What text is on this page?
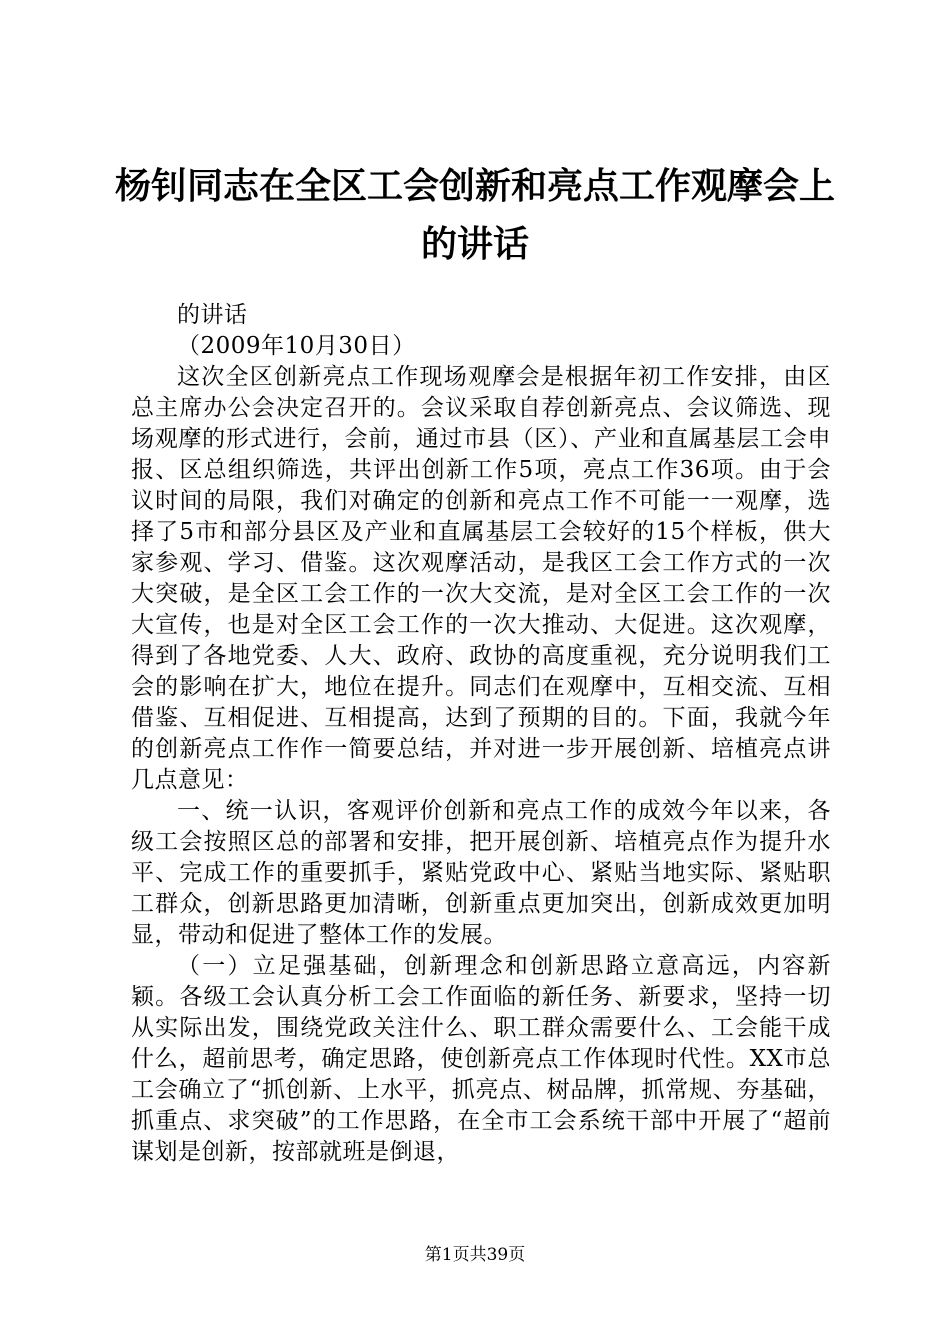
杨钊同志在全区工会创新和亮点工作观摩会上的讲话

的讲话

（2009年10月30日）

这次全区创新亮点工作现场观摩会是根据年初工作安排，由区总主席办公会决定召开的。会议采取自荐创新亮点、会议筛选、现场观摩的形式进行，会前，通过市县（区）、产业和直属基层工会申报、区总组织筛选，共评出创新工作5项，亮点工作36项。由于会议时间的局限，我们对确定的创新和亮点工作不可能一一观摩，选择了5市和部分县区及产业和直属基层工会较好的15个样板，供大家参观、学习、借鉴。这次观摩活动，是我区工会工作方式的一次大突破，是全区工会工作的一次大交流，是对全区工会工作的一次大宣传，也是对全区工会工作的一次大推动、大促进。这次观摩，得到了各地党委、人大、政府、政协的高度重视，充分说明我们工会的影响在扩大，地位在提升。同志们在观摩中，互相交流、互相借鉴、互相促进、互相提高，达到了预期的目的。下面，我就今年的创新亮点工作作一简要总结，并对进一步开展创新、培植亮点讲几点意见：

一、统一认识，客观评价创新和亮点工作的成效今年以来，各级工会按照区总的部署和安排，把开展创新、培植亮点作为提升水平、完成工作的重要抓手，紧贴党政中心、紧贴当地实际、紧贴职工群众，创新思路更加清晰，创新重点更加突出，创新成效更加明显，带动和促进了整体工作的发展。

（一）立足强基础，创新理念和创新思路立意高远，内容新颖。各级工会认真分析工会工作面临的新任务、新要求，坚持一切从实际出发，围绕党政关注什么、职工群众需要什么、工会能干成什么，超前思考，确定思路，使创新亮点工作体现时代性。XX市总工会确立了“抓创新、上水平，抓亮点、树品牌，抓常规、夯基础，抓重点、求突破”的工作思路，在全市工会系统干部中开展了“超前谋划是创新，按部就班是倒退，

第1页共39页
